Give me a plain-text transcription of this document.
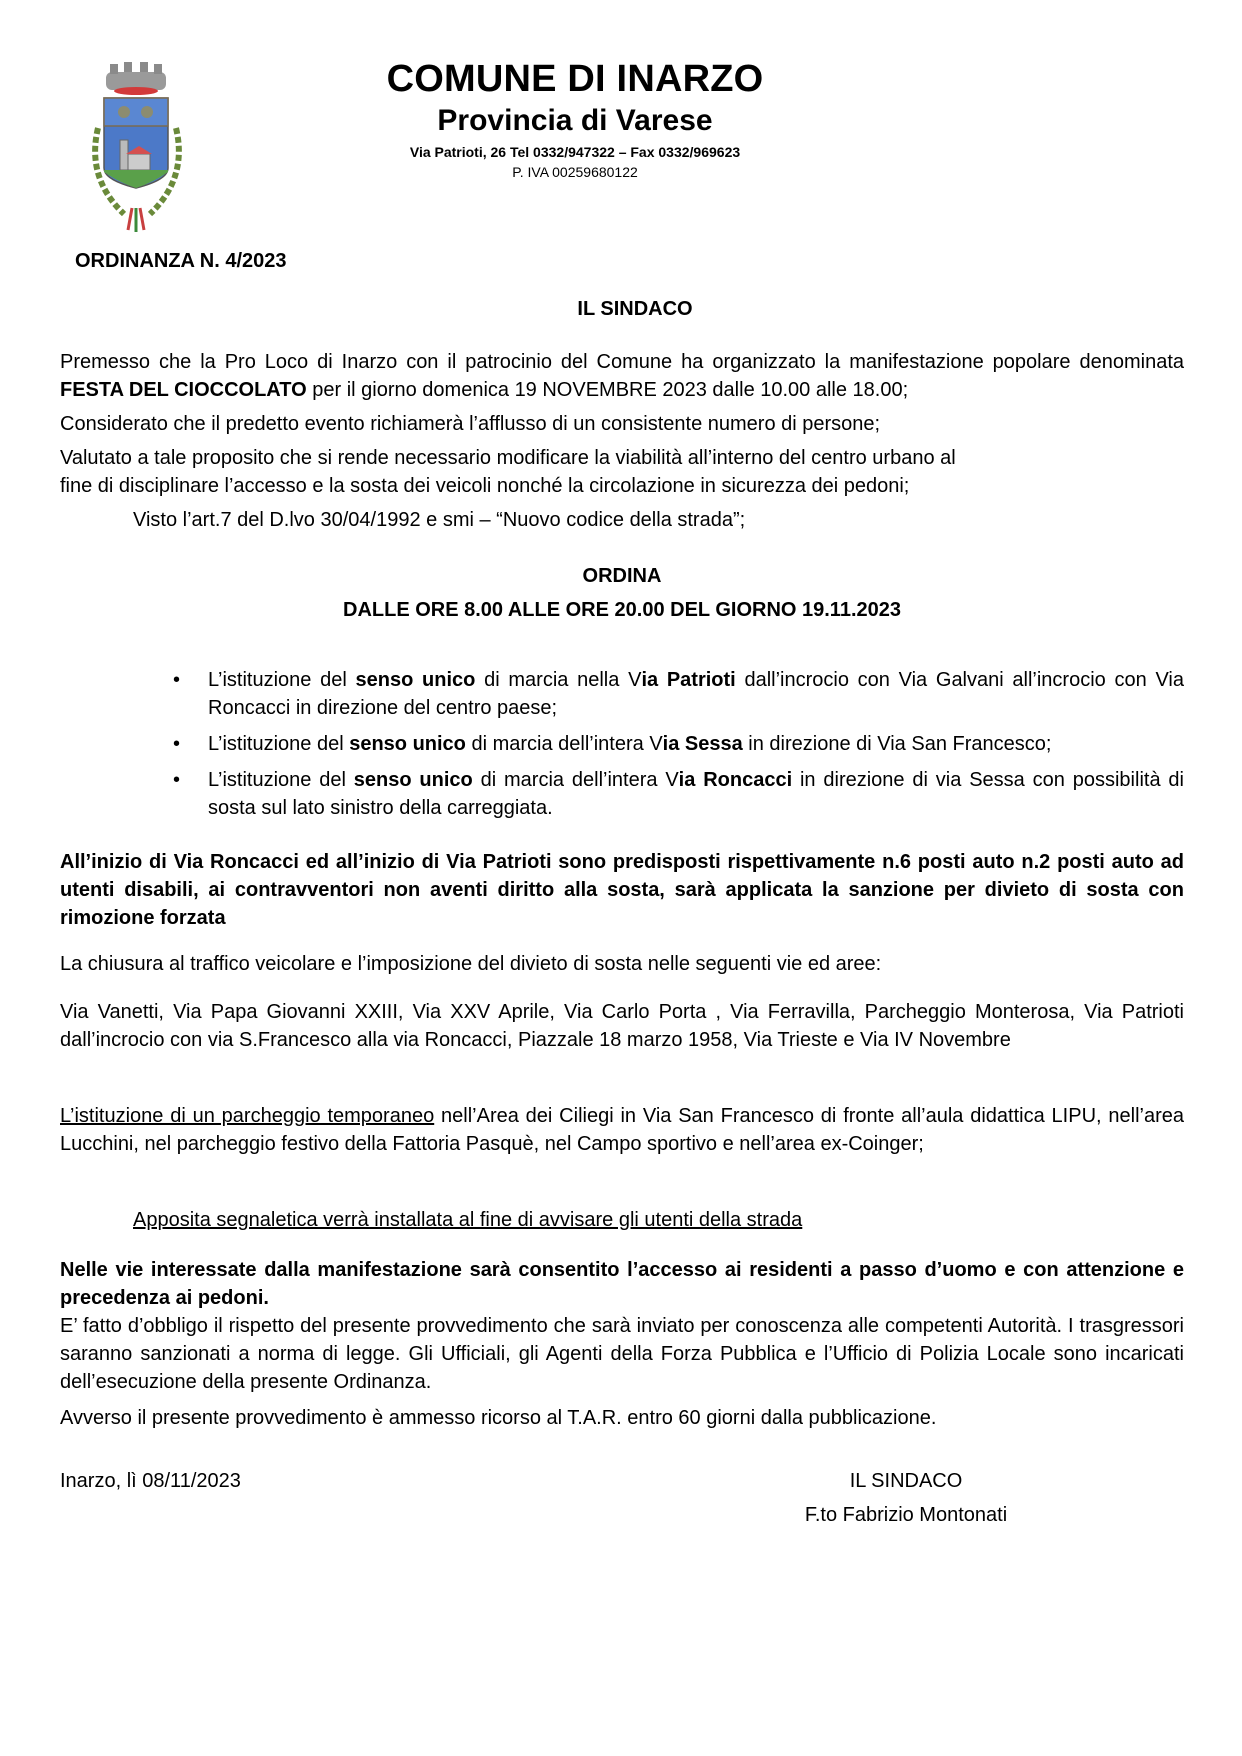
COMUNE DI INARZO
Provincia di Varese
Via Patrioti, 26 Tel 0332/947322 – Fax 0332/969623
P. IVA 00259680122
ORDINANZA N. 4/2023
IL SINDACO

Premesso che la Pro Loco di Inarzo con il patrocinio del Comune ha organizzato la manifestazione popolare denominata FESTA DEL CIOCCOLATO per il giorno domenica 19 NOVEMBRE 2023 dalle 10.00 alle 18.00;

Considerato che il predetto evento richiamerà l’afflusso di un consistente numero di persone;

Valutato a tale proposito che si rende necessario modificare la viabilità all’interno del centro urbano al

fine di disciplinare l’accesso e la sosta dei veicoli nonché la circolazione in sicurezza dei pedoni;

Visto l’art.7 del D.lvo 30/04/1992 e smi – “Nuovo codice della strada”;

ORDINA
DALLE ORE 8.00 ALLE ORE 20.00 DEL GIORNO 19.11.2023
• L’istituzione del senso unico di marcia nella Via Patrioti dall’incrocio con Via Galvani all’incrocio con Via Roncacci in direzione del centro paese;
• L’istituzione del senso unico di marcia dell’intera Via Sessa in direzione di Via San Francesco;
• L’istituzione del senso unico di marcia dell’intera Via Roncacci in direzione di via Sessa con possibilità di sosta sul lato sinistro della carreggiata.
All’inizio di Via Roncacci ed all’inizio di Via Patrioti sono predisposti rispettivamente n.6 posti auto n.2 posti auto ad utenti disabili, ai contravventori non aventi diritto alla sosta, sarà applicata la sanzione per divieto di sosta con rimozione forzata
La chiusura al traffico veicolare e l’imposizione del divieto di sosta nelle seguenti vie ed aree:
Via Vanetti, Via Papa Giovanni XXIII, Via XXV Aprile, Via Carlo Porta , Via Ferravilla, Parcheggio Monterosa, Via Patrioti dall’incrocio con via S.Francesco alla via Roncacci, Piazzale 18 marzo 1958, Via Trieste e Via IV Novembre
L’istituzione di un parcheggio temporaneo nell’Area dei Ciliegi in Via San Francesco di fronte all’aula didattica LIPU, nell’area Lucchini, nel parcheggio festivo della Fattoria Pasquè, nel Campo sportivo e nell’area ex-Coinger;
Apposita segnaletica verrà installata al fine di avvisare gli utenti della strada
Nelle vie interessate dalla manifestazione sarà consentito l’accesso ai residenti a passo d’uomo e con attenzione e precedenza ai pedoni.
E’ fatto d’obbligo il rispetto del presente provvedimento che sarà inviato per conoscenza alle competenti Autorità. I trasgressori saranno sanzionati a norma di legge. Gli Ufficiali, gli Agenti della Forza Pubblica e l’Ufficio di Polizia Locale sono incaricati dell’esecuzione della presente Ordinanza.
Avverso il presente provvedimento è ammesso ricorso al T.A.R. entro 60 giorni dalla pubblicazione.
Inarzo, lì 08/11/2023	IL SINDACO
F.to Fabrizio Montonati
